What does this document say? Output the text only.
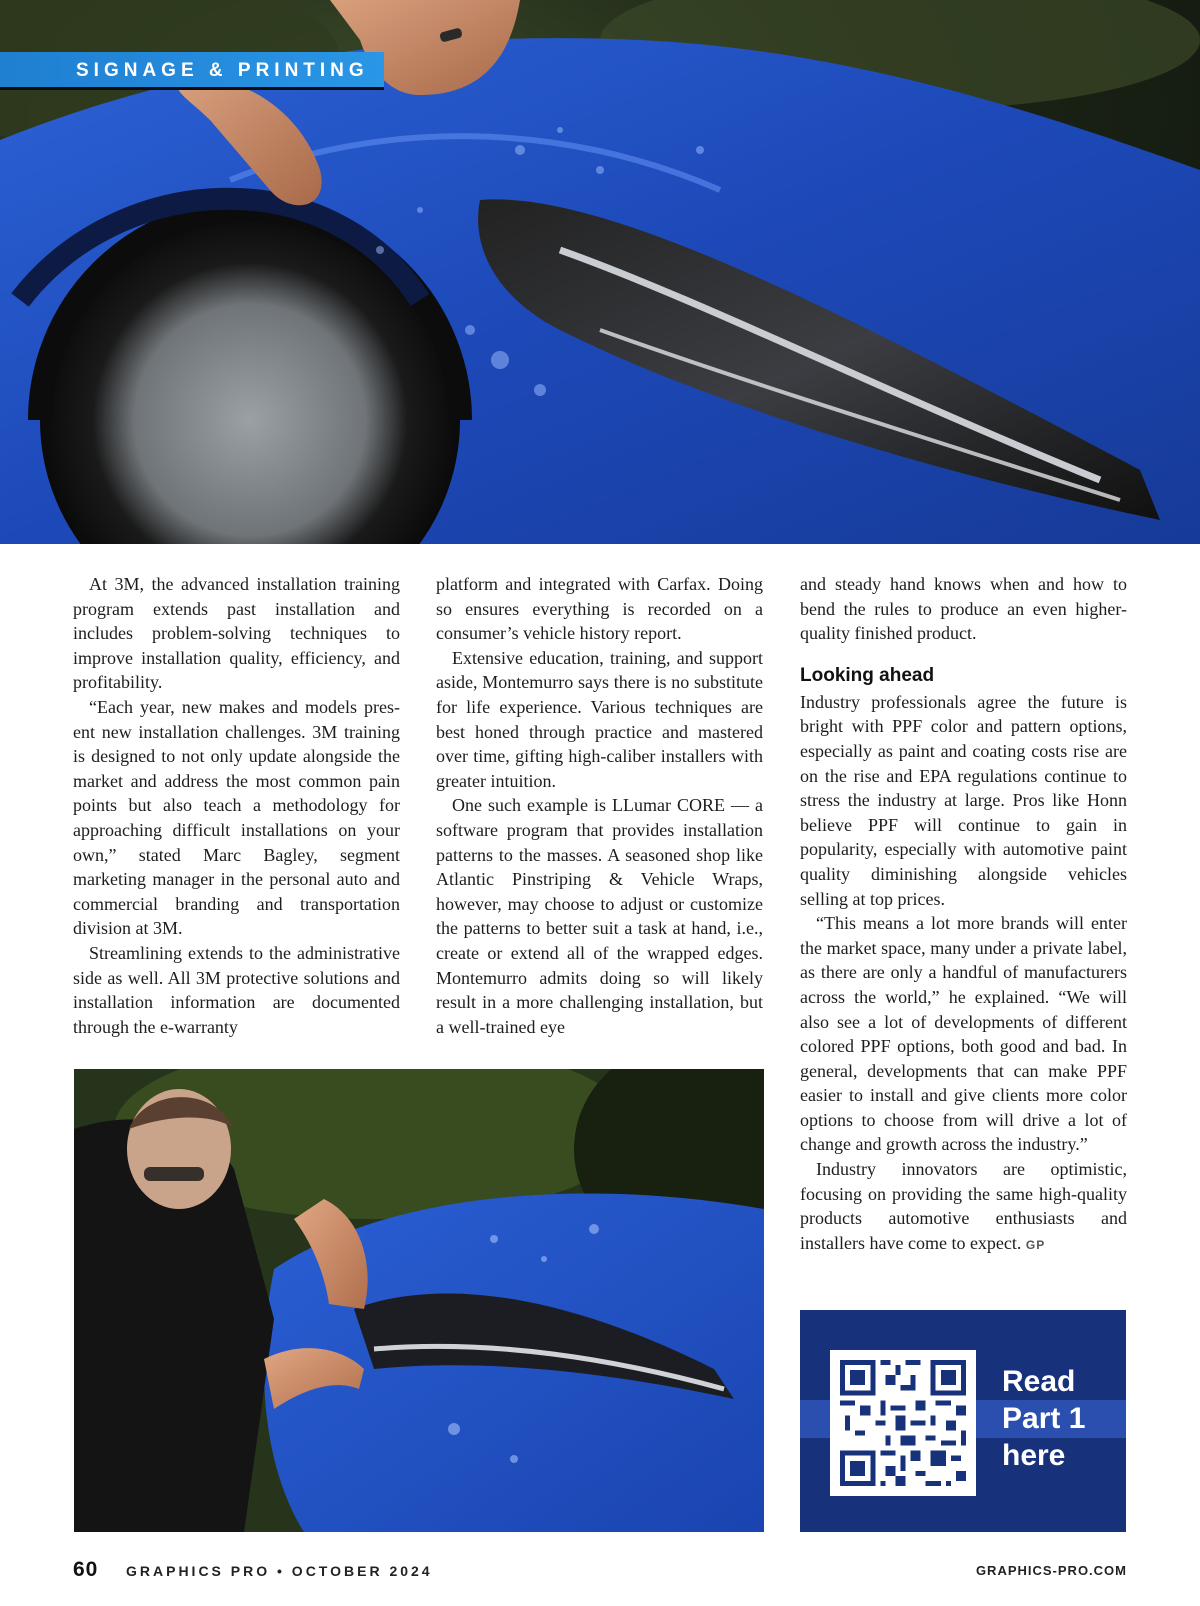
SIGNAGE & PRINTING

At 3M, the advanced installation training program extends past installation and includes problem-solving techniques to improve installation quality, efficiency, and profitability.

“Each year, new makes and models present new installation challenges. 3M training is designed to not only update alongside the market and address the most common pain points but also teach a methodology for approaching difficult installations on your own,” stated Marc Bagley, segment marketing manager in the personal auto and commercial branding and transportation division at 3M.

Streamlining extends to the administrative side as well. All 3M protective solutions and installation information are documented through the e-warranty

platform and integrated with Carfax. Doing so ensures everything is recorded on a consumer’s vehicle history report.

Extensive education, training, and support aside, Montemurro says there is no substitute for life experience. Various techniques are best honed through practice and mastered over time, gifting high-caliber installers with greater intuition.

One such example is LLumar CORE — a software program that provides installation patterns to the masses. A seasoned shop like Atlantic Pinstriping & Vehicle Wraps, however, may choose to adjust or customize the patterns to better suit a task at hand, i.e., create or extend all of the wrapped edges. Montemurro admits doing so will likely result in a more challenging installation, but a well-trained eye

and steady hand knows when and how to bend the rules to produce an even higher-quality finished product.

Looking ahead

Industry professionals agree the future is bright with PPF color and pattern options, especially as paint and coating costs rise are on the rise and EPA regulations continue to stress the industry at large. Pros like Honn believe PPF will continue to gain in popularity, especially with automotive paint quality diminishing alongside vehicles selling at top prices.

“This means a lot more brands will enter the market space, many under a private label, as there are only a handful of manufacturers across the world,” he explained. “We will also see a lot of developments of different colored PPF options, both good and bad. In general, developments that can make PPF easier to install and give clients more color options to choose from will drive a lot of change and growth across the industry.”

Industry innovators are optimistic, focusing on providing the same high-quality products automotive enthusiasts and installers have come to expect. GP

Read
Part 1
here
60 GRAPHICS PRO • OCTOBER 2024	GRAPHICS-PRO.COM
